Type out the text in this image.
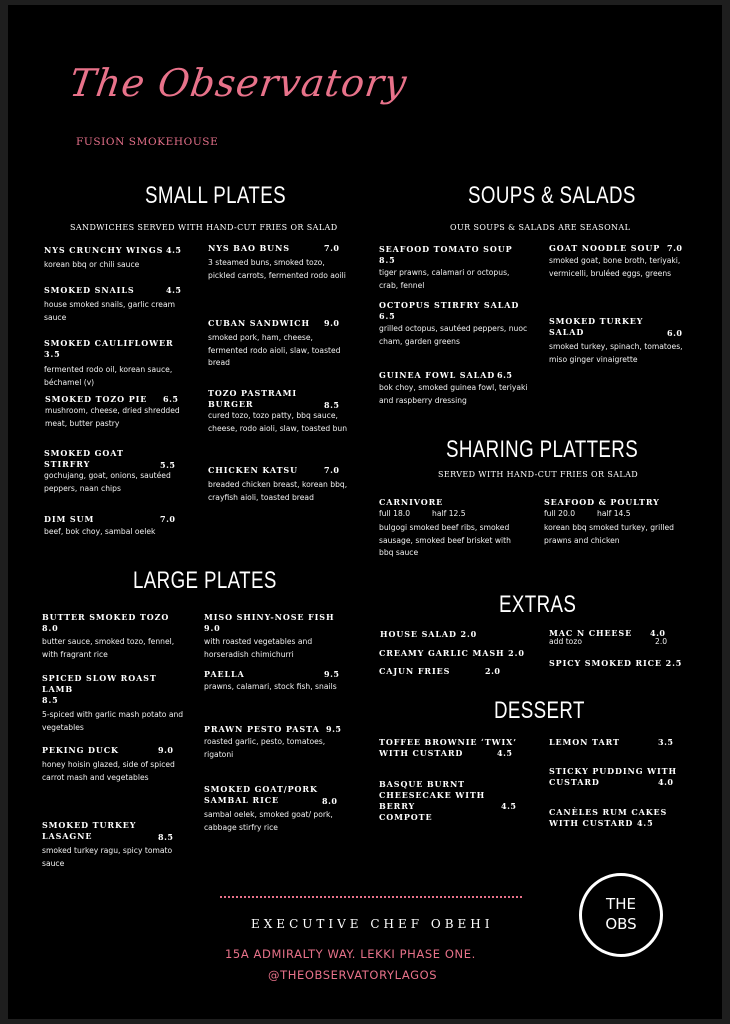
The Observatory
FUSION SMOKEHOUSE
SMALL PLATES
SANDWICHES SERVED WITH HAND-CUT FRIES OR SALAD
NYS CRUNCHY WINGS 4.5
korean bbq or chili sauce
SMOKED SNAILS	4.5
house smoked snails, garlic cream sauce
SMOKED CAULIFLOWER 3.5
fermented rodo oil, korean sauce, béchamel (v)
SMOKED TOZO PIE	6.5
mushroom, cheese, dried shredded meat, butter pastry
SMOKED GOAT
STIRFRY	5.5
gochujang, goat, onions, sautéed peppers, naan chips
DIM SUM	7.0
beef, bok choy, sambal oelek
NYS BAO BUNS	7.0
3 steamed buns, smoked tozo, pickled carrots, fermented rodo aoili
CUBAN SANDWICH	9.0
smoked pork, ham, cheese, fermented rodo aioli, slaw, toasted bread
TOZO PASTRAMI
BURGER	8.5
cured tozo, tozo patty, bbq sauce, cheese, rodo aioli, slaw, toasted bun
CHICKEN KATSU	7.0
breaded chicken breast, korean bbq, crayfish aioli, toasted bread
LARGE PLATES
BUTTER SMOKED TOZO 8.0
butter sauce, smoked tozo, fennel, with fragrant rice
SPICED SLOW ROAST LAMB
8.5
5-spiced with garlic mash potato and vegetables
PEKING DUCK	9.0
honey hoisin glazed, side of spiced carrot mash and vegetables
SMOKED TURKEY
LASAGNE	8.5
smoked turkey ragu, spicy tomato sauce
MISO SHINY-NOSE FISH 9.0
with roasted vegetables and horseradish chimichurri
PAELLA	9.5
prawns, calamari, stock fish, snails
PRAWN PESTO PASTA 9.5
roasted garlic, pesto, tomatoes, rigatoni
SMOKED GOAT/PORK
SAMBAL RICE	8.0
sambal oelek, smoked goat/ pork, cabbage stirfry rice
SOUPS & SALADS
OUR SOUPS & SALADS ARE SEASONAL
SEAFOOD TOMATO SOUP 8.5
tiger prawns, calamari or octopus, crab, fennel
OCTOPUS STIRFRY SALAD 6.5
grilled octopus, sautéed peppers, nuoc cham, garden greens
GUINEA FOWL SALAD 6.5
bok choy, smoked guinea fowl, teriyaki and raspberry dressing
GOAT NOODLE SOUP 7.0
smoked goat, bone broth, teriyaki, vermicelli, bruléed eggs, greens
SMOKED TURKEY
SALAD	6.0
smoked turkey, spinach, tomatoes, miso ginger vinaigrette
SHARING PLATTERS
SERVED WITH HAND-CUT FRIES OR SALAD
CARNIVORE
full 18.0	half 12.5
bulgogi smoked beef ribs, smoked sausage, smoked beef brisket with bbq sauce
SEAFOOD & POULTRY
full 20.0	half 14.5
korean bbq smoked turkey, grilled prawns and chicken
EXTRAS
HOUSE SALAD 2.0
CREAMY GARLIC MASH 2.0
CAJUN FRIES	2.0
MAC N CHEESE	4.0
add tozo	2.0
SPICY SMOKED RICE 2.5
DESSERT
TOFFEE BROWNIE ‘TWIX’
WITH CUSTARD	4.5
BASQUE BURNT
CHEESECAKE WITH BERRY
COMPOTE
4.5
LEMON TART	3.5
STICKY PUDDING WITH
CUSTARD	4.0
CANÈLES RUM CAKES
WITH CUSTARD 4.5
EXECUTIVE CHEF OBEHI
15A ADMIRALTY WAY. LEKKI PHASE ONE.
@THEOBSERVATORYLAGOS
THE
OBS
